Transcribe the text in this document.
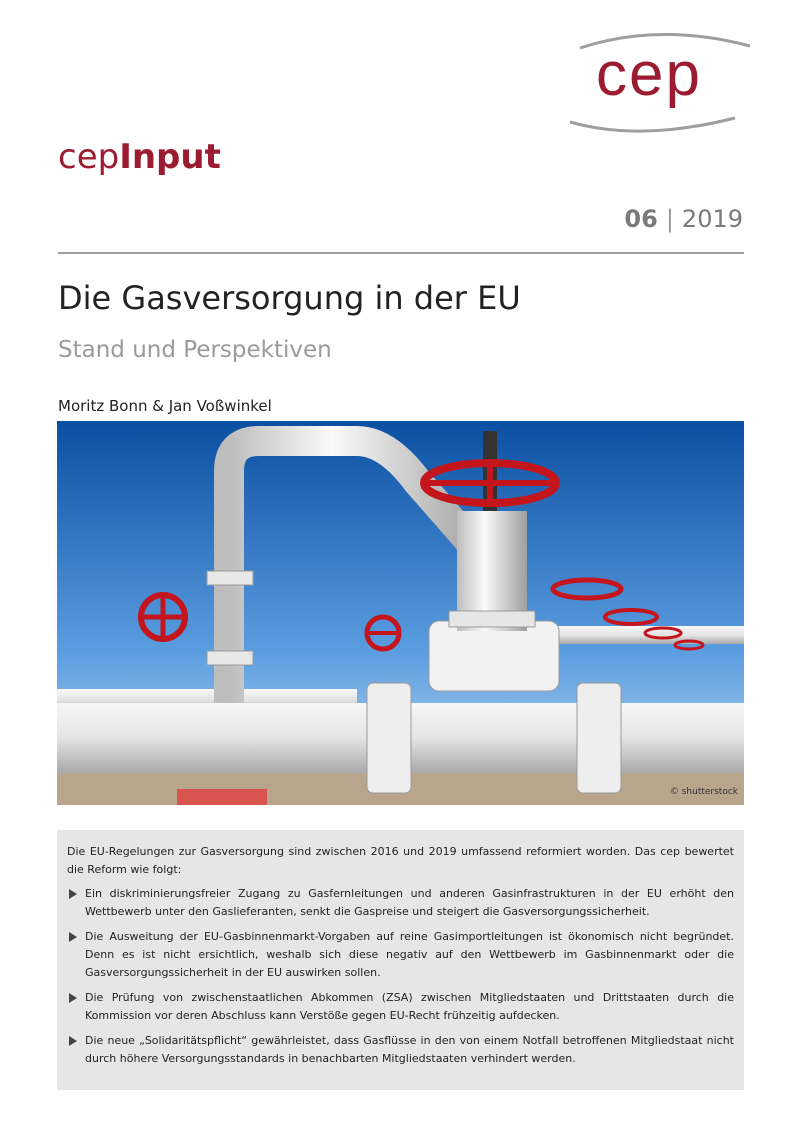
cep
cepInput
06 | 2019
Die Gasversorgung in der EU
Stand und Perspektiven
Moritz Bonn & Jan Voßwinkel
© shutterstock

Die EU-Regelungen zur Gasversorgung sind zwischen 2016 und 2019 umfassend reformiert worden. Das cep bewertet die Reform wie folgt:

Ein diskriminierungsfreier Zugang zu Gasfernleitungen und anderen Gasinfrastrukturen in der EU erhöht den Wettbewerb unter den Gaslieferanten, senkt die Gaspreise und steigert die Gasversorgungssicherheit.
Die Ausweitung der EU-Gasbinnenmarkt-Vorgaben auf reine Gasimportleitungen ist ökonomisch nicht begründet. Denn es ist nicht ersichtlich, weshalb sich diese negativ auf den Wettbewerb im Gasbinnenmarkt oder die Gasversorgungssicherheit in der EU auswirken sollen.
Die Prüfung von zwischenstaatlichen Abkommen (ZSA) zwischen Mitgliedstaaten und Drittstaaten durch die Kommission vor deren Abschluss kann Verstöße gegen EU-Recht frühzeitig aufdecken.
Die neue „Solidaritätspflicht“ gewährleistet, dass Gasflüsse in den von einem Notfall betroffenen Mitgliedstaat nicht durch höhere Versorgungsstandards in benachbarten Mitgliedstaaten verhindert werden.
